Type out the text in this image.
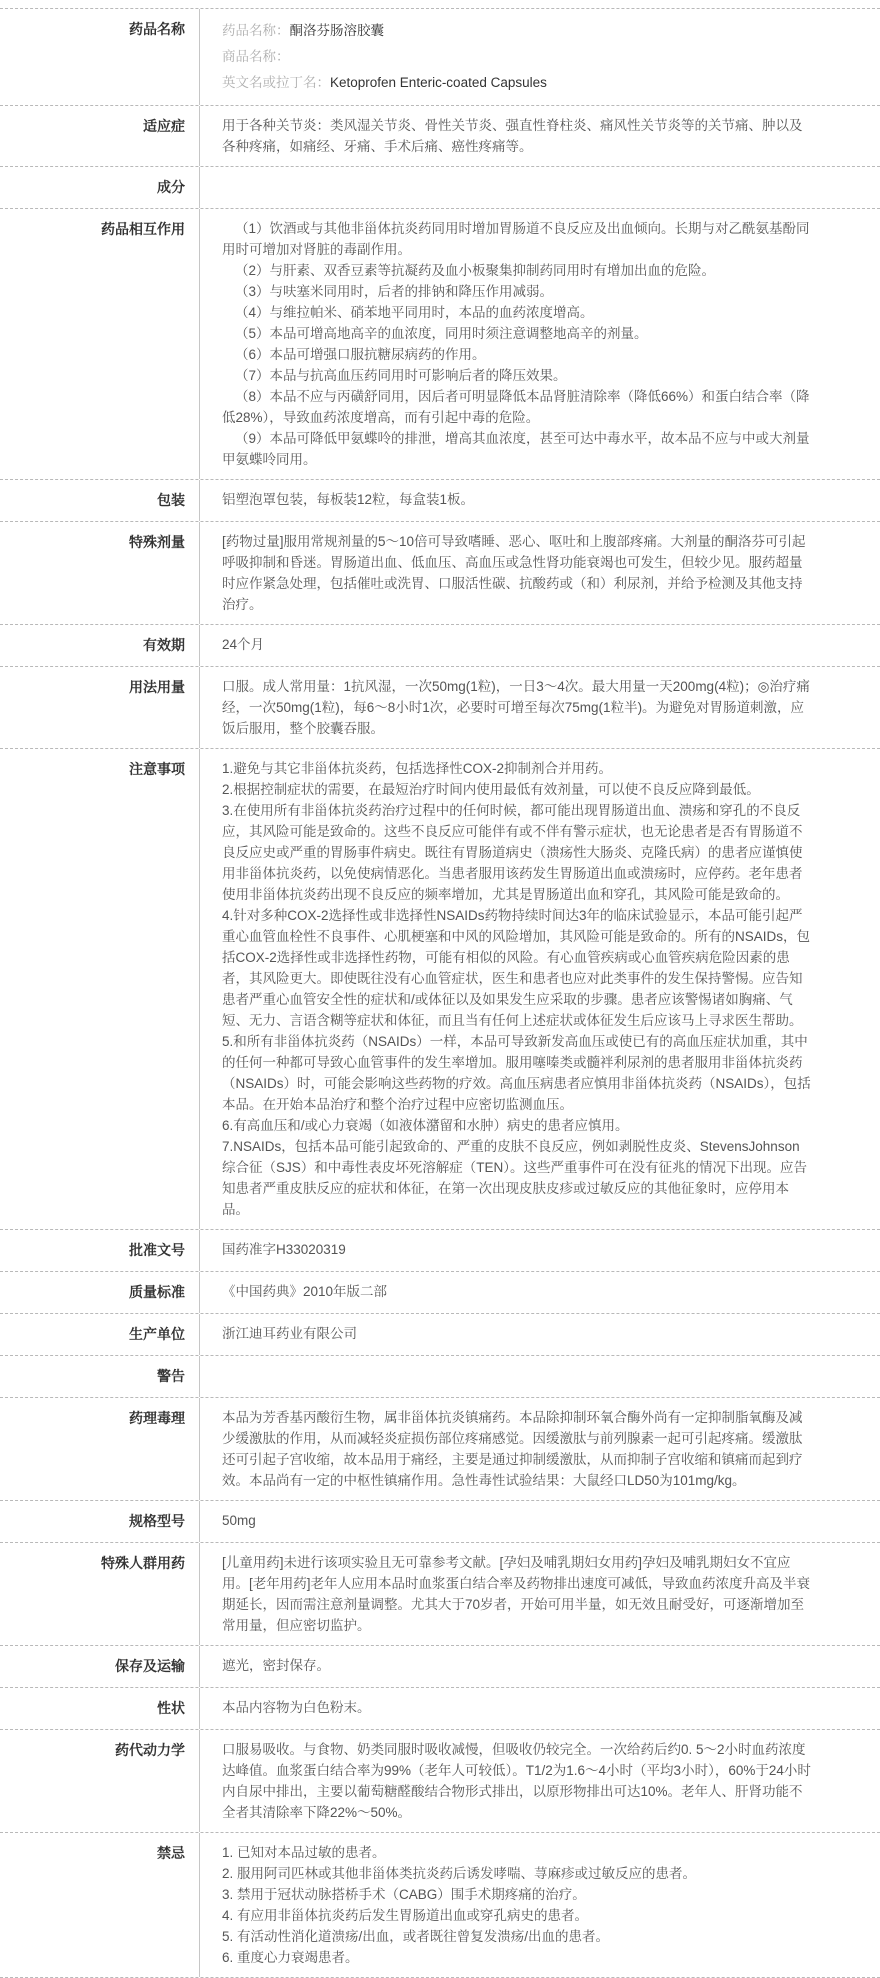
药品名称	药品名称：酮洛芬肠溶胶囊
商品名称：
英文名或拉丁名：Ketoprofen Enteric-coated Capsules
适应症	用于各种关节炎：类风湿关节炎、骨性关节炎、强直性脊柱炎、痛风性关节炎等的关节痛、肿以及各种疼痛，如痛经、牙痛、手术后痛、癌性疼痛等。
成分
药品相互作用	（1）饮酒或与其他非甾体抗炎药同用时增加胃肠道不良反应及出血倾向。长期与对乙酰氨基酚同用时可增加对肾脏的毒副作用。
（2）与肝素、双香豆素等抗凝药及血小板聚集抑制药同用时有增加出血的危险。
（3）与呋塞米同用时，后者的排钠和降压作用减弱。
（4）与维拉帕米、硝苯地平同用时，本品的血药浓度增高。
（5）本品可增高地高辛的血浓度，同用时须注意调整地高辛的剂量。
（6）本品可增强口服抗糖尿病药的作用。
（7）本品与抗高血压药同用时可影响后者的降压效果。
（8）本品不应与丙磺舒同用，因后者可明显降低本品肾脏清除率（降低66%）和蛋白结合率（降低28%），导致血药浓度增高，而有引起中毒的危险。
（9）本品可降低甲氨蝶呤的排泄，增高其血浓度，甚至可达中毒水平，故本品不应与中或大剂量甲氨蝶呤同用。
包装	铝塑泡罩包装，每板装12粒，每盒装1板。
特殊剂量	[药物过量]服用常规剂量的5～10倍可导致嗜睡、恶心、呕吐和上腹部疼痛。大剂量的酮洛芬可引起呼吸抑制和昏迷。胃肠道出血、低血压、高血压或急性肾功能衰竭也可发生，但较少见。服药超量时应作紧急处理，包括催吐或洗胃、口服活性碳、抗酸药或（和）利尿剂，并给予检测及其他支持治疗。
有效期	24个月
用法用量	口服。成人常用量：1抗风湿，一次50mg(1粒)，一日3～4次。最大用量一天200mg(4粒)；◎治疗痛经，一次50mg(1粒)，每6～8小时1次，必要时可增至每次75mg(1粒半)。为避免对胃肠道刺激，应饭后服用，整个胶囊吞服。
注意事项	1.避免与其它非甾体抗炎药，包括选择性COX-2抑制剂合并用药。
2.根据控制症状的需要，在最短治疗时间内使用最低有效剂量，可以使不良反应降到最低。
3.在使用所有非甾体抗炎药治疗过程中的任何时候，都可能出现胃肠道出血、溃疡和穿孔的不良反应，其风险可能是致命的。这些不良反应可能伴有或不伴有警示症状，也无论患者是否有胃肠道不良反应史或严重的胃肠事件病史。既往有胃肠道病史（溃疡性大肠炎、克隆氏病）的患者应谨慎使用非甾体抗炎药，以免使病情恶化。当患者服用该药发生胃肠道出血或溃疡时，应停药。老年患者使用非甾体抗炎药出现不良反应的频率增加，尤其是胃肠道出血和穿孔，其风险可能是致命的。
4.针对多种COX-2选择性或非选择性NSAIDs药物持续时间达3年的临床试验显示，本品可能引起严重心血管血栓性不良事件、心肌梗塞和中风的风险增加，其风险可能是致命的。所有的NSAIDs，包括COX-2选择性或非选择性药物，可能有相似的风险。有心血管疾病或心血管疾病危险因素的患者，其风险更大。即使既往没有心血管症状，医生和患者也应对此类事件的发生保持警惕。应告知患者严重心血管安全性的症状和/或体征以及如果发生应采取的步骤。患者应该警惕诸如胸痛、气短、无力、言语含糊等症状和体征，而且当有任何上述症状或体征发生后应该马上寻求医生帮助。
5.和所有非甾体抗炎药（NSAIDs）一样，本品可导致新发高血压或使已有的高血压症状加重，其中的任何一种都可导致心血管事件的发生率增加。服用噻嗪类或髓袢利尿剂的患者服用非甾体抗炎药（NSAIDs）时，可能会影响这些药物的疗效。高血压病患者应慎用非甾体抗炎药（NSAIDs），包括本品。在开始本品治疗和整个治疗过程中应密切监测血压。
6.有高血压和/或心力衰竭（如液体潴留和水肿）病史的患者应慎用。
7.NSAIDs，包括本品可能引起致命的、严重的皮肤不良反应，例如剥脱性皮炎、StevensJohnson综合征（SJS）和中毒性表皮坏死溶解症（TEN）。这些严重事件可在没有征兆的情况下出现。应告知患者严重皮肤反应的症状和体征，在第一次出现皮肤皮疹或过敏反应的其他征象时，应停用本品。
批准文号	国药准字H33020319
质量标准	《中国药典》2010年版二部
生产单位	浙江迪耳药业有限公司
警告
药理毒理	本品为芳香基丙酸衍生物，属非甾体抗炎镇痛药。本品除抑制环氧合酶外尚有一定抑制脂氧酶及减少缓激肽的作用，从而减轻炎症损伤部位疼痛感觉。因缓激肽与前列腺素一起可引起疼痛。缓激肽还可引起子宫收缩，故本品用于痛经，主要是通过抑制缓激肽，从而抑制子宫收缩和镇痛而起到疗效。本品尚有一定的中枢性镇痛作用。急性毒性试验结果：大鼠经口LD50为101mg/kg。
规格型号	50mg
特殊人群用药	[儿童用药]未进行该项实验且无可靠参考文献。[孕妇及哺乳期妇女用药]孕妇及哺乳期妇女不宜应用。[老年用药]老年人应用本品时血浆蛋白结合率及药物排出速度可减低，导致血药浓度升高及半衰期延长，因而需注意剂量调整。尤其大于70岁者，开始可用半量，如无效且耐受好，可逐渐增加至常用量，但应密切监护。
保存及运输	遮光，密封保存。
性状	本品内容物为白色粉末。
药代动力学	口服易吸收。与食物、奶类同服时吸收减慢，但吸收仍较完全。一次给药后约0. 5～2小时血药浓度达峰值。血浆蛋白结合率为99%（老年人可较低）。T1/2为1.6～4小时（平均3小时），60%于24小时内自尿中排出，主要以葡萄糖醛酸结合物形式排出，以原形物排出可达10%。老年人、肝肾功能不全者其清除率下降22%～50%。
禁忌	1. 已知对本品过敏的患者。
2. 服用阿司匹林或其他非甾体类抗炎药后诱发哮喘、荨麻疹或过敏反应的患者。
3. 禁用于冠状动脉搭桥手术（CABG）围手术期疼痛的治疗。
4. 有应用非甾体抗炎药后发生胃肠道出血或穿孔病史的患者。
5. 有活动性消化道溃疡/出血，或者既往曾复发溃疡/出血的患者。
6. 重度心力衰竭患者。
